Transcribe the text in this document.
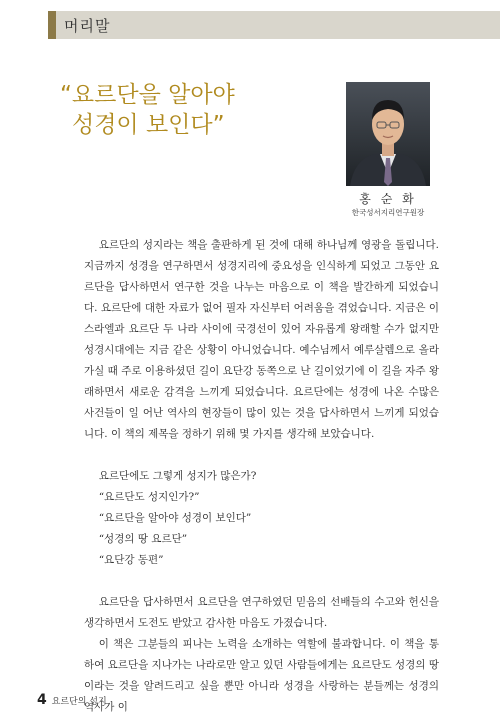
머리말
“요르단을 알아야
성경이 보인다”
홍 순 화
한국성서지리연구원장

요르단의 성지라는 책을 출판하게 된 것에 대해 하나님께 영광을 돌립니다. 지금까지 성경을 연구하면서 성경지리에 중요성을 인식하게 되었고 그동안 요르단을 답사하면서 연구한 것을 나누는 마음으로 이 책을 발간하게 되었습니다. 요르단에 대한 자료가 없어 필자 자신부터 어려움을 겪었습니다. 지금은 이스라엘과 요르단 두 나라 사이에 국경선이 있어 자유롭게 왕래할 수가 없지만 성경시대에는 지금 같은 상황이 아니었습니다. 예수님께서 예루살렘으로 올라가실 때 주로 이용하셨던 길이 요단강 동쪽으로 난 길이었기에 이 길을 자주 왕래하면서 새로운 감격을 느끼게 되었습니다. 요르단에는 성경에 나온 수많은 사건들이 일 어난 역사의 현장들이 많이 있는 것을 답사하면서 느끼게 되었습니다. 이 책의 제목을 정하기 위해 몇 가지를 생각해 보았습니다.

요르단에도 그렇게 성지가 많은가?
“요르단도 성지인가?”
“요르단을 알아야 성경이 보인다”
“성경의 땅 요르단”
“요단강 동편”

요르단을 답사하면서 요르단을 연구하였던 믿음의 선배들의 수고와 헌신을 생각하면서 도전도 받았고 감사한 마음도 가졌습니다.

이 책은 그분들의 피나는 노력을 소개하는 역할에 불과합니다. 이 책을 통하여 요르단을 지나가는 나라로만 알고 있던 사람들에게는 요르단도 성경의 땅이라는 것을 알려드리고 싶을 뿐만 아니라 성경을 사랑하는 분들께는 성경의 역사가 이

4 요르단의 성지
